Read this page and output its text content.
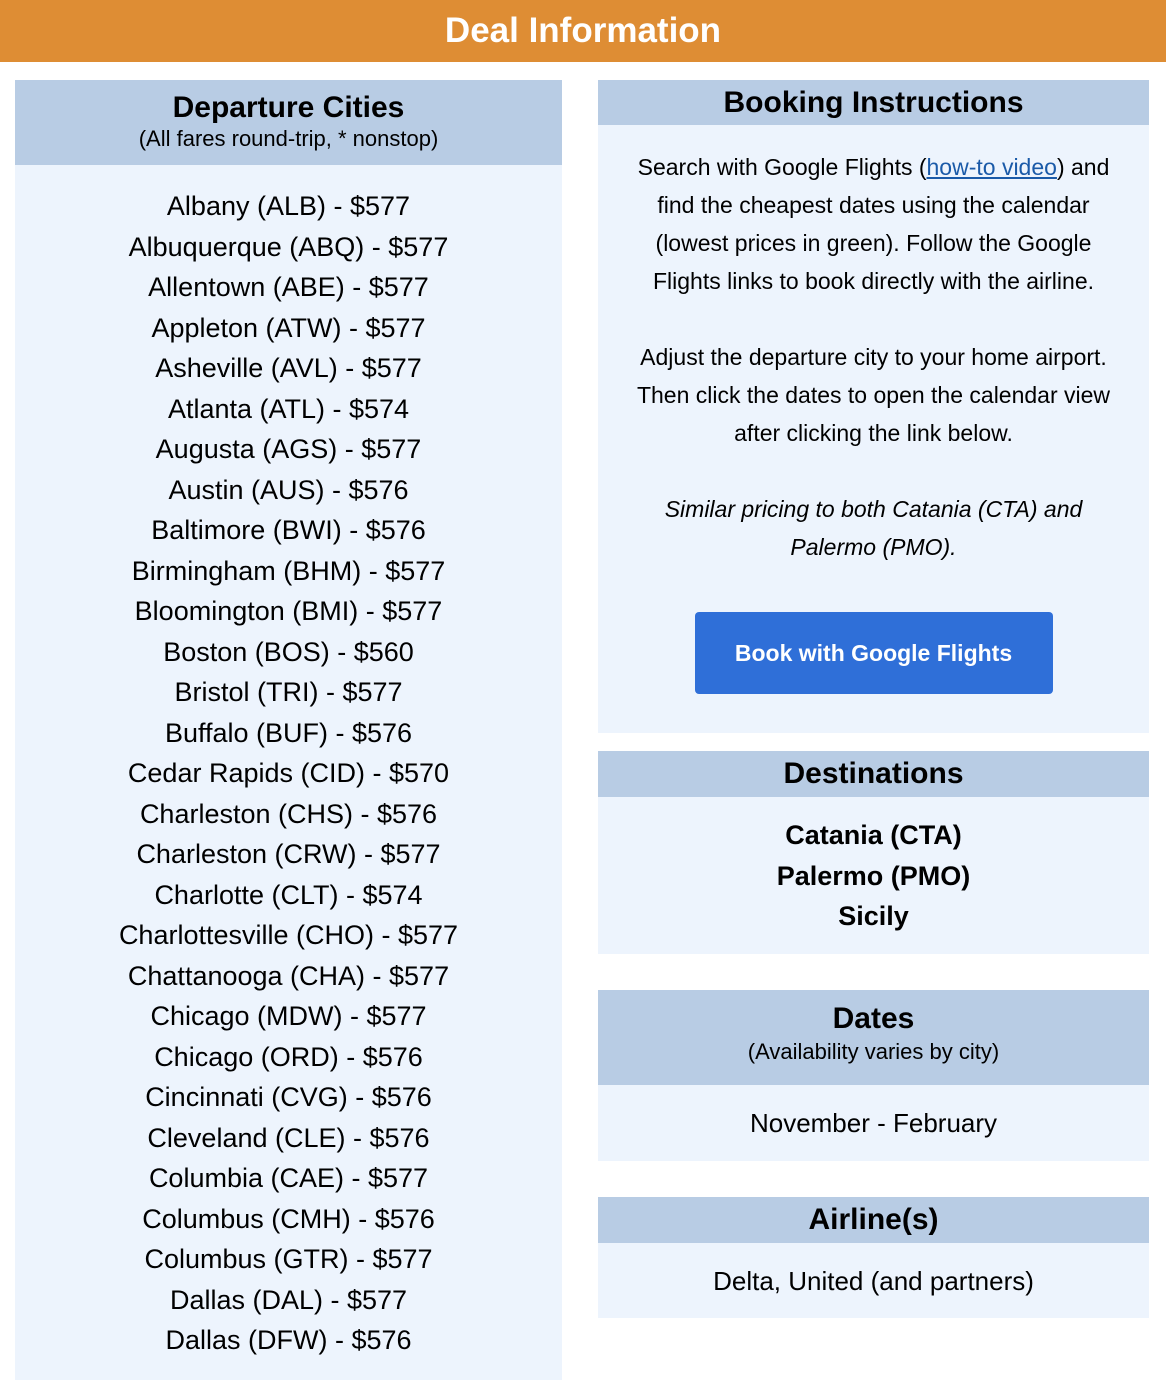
Deal Information
Departure Cities
(All fares round-trip, * nonstop)
Albany (ALB) - $577
Albuquerque (ABQ) - $577
Allentown (ABE) - $577
Appleton (ATW) - $577
Asheville (AVL) - $577
Atlanta (ATL) - $574
Augusta (AGS) - $577
Austin (AUS) - $576
Baltimore (BWI) - $576
Birmingham (BHM) - $577
Bloomington (BMI) - $577
Boston (BOS) - $560
Bristol (TRI) - $577
Buffalo (BUF) - $576
Cedar Rapids (CID) - $570
Charleston (CHS) - $576
Charleston (CRW) - $577
Charlotte (CLT) - $574
Charlottesville (CHO) - $577
Chattanooga (CHA) - $577
Chicago (MDW) - $577
Chicago (ORD) - $576
Cincinnati (CVG) - $576
Cleveland (CLE) - $576
Columbia (CAE) - $577
Columbus (CMH) - $576
Columbus (GTR) - $577
Dallas (DAL) - $577
Dallas (DFW) - $576
Booking Instructions

Search with Google Flights (how-to video) and find the cheapest dates using the calendar (lowest prices in green). Follow the Google Flights links to book directly with the airline.

Adjust the departure city to your home airport. Then click the dates to open the calendar view after clicking the link below.

Similar pricing to both Catania (CTA) and Palermo (PMO).

Book with Google Flights
Destinations
Catania (CTA)
Palermo (PMO)
Sicily
Dates
(Availability varies by city)
November - February
Airline(s)
Delta, United (and partners)
